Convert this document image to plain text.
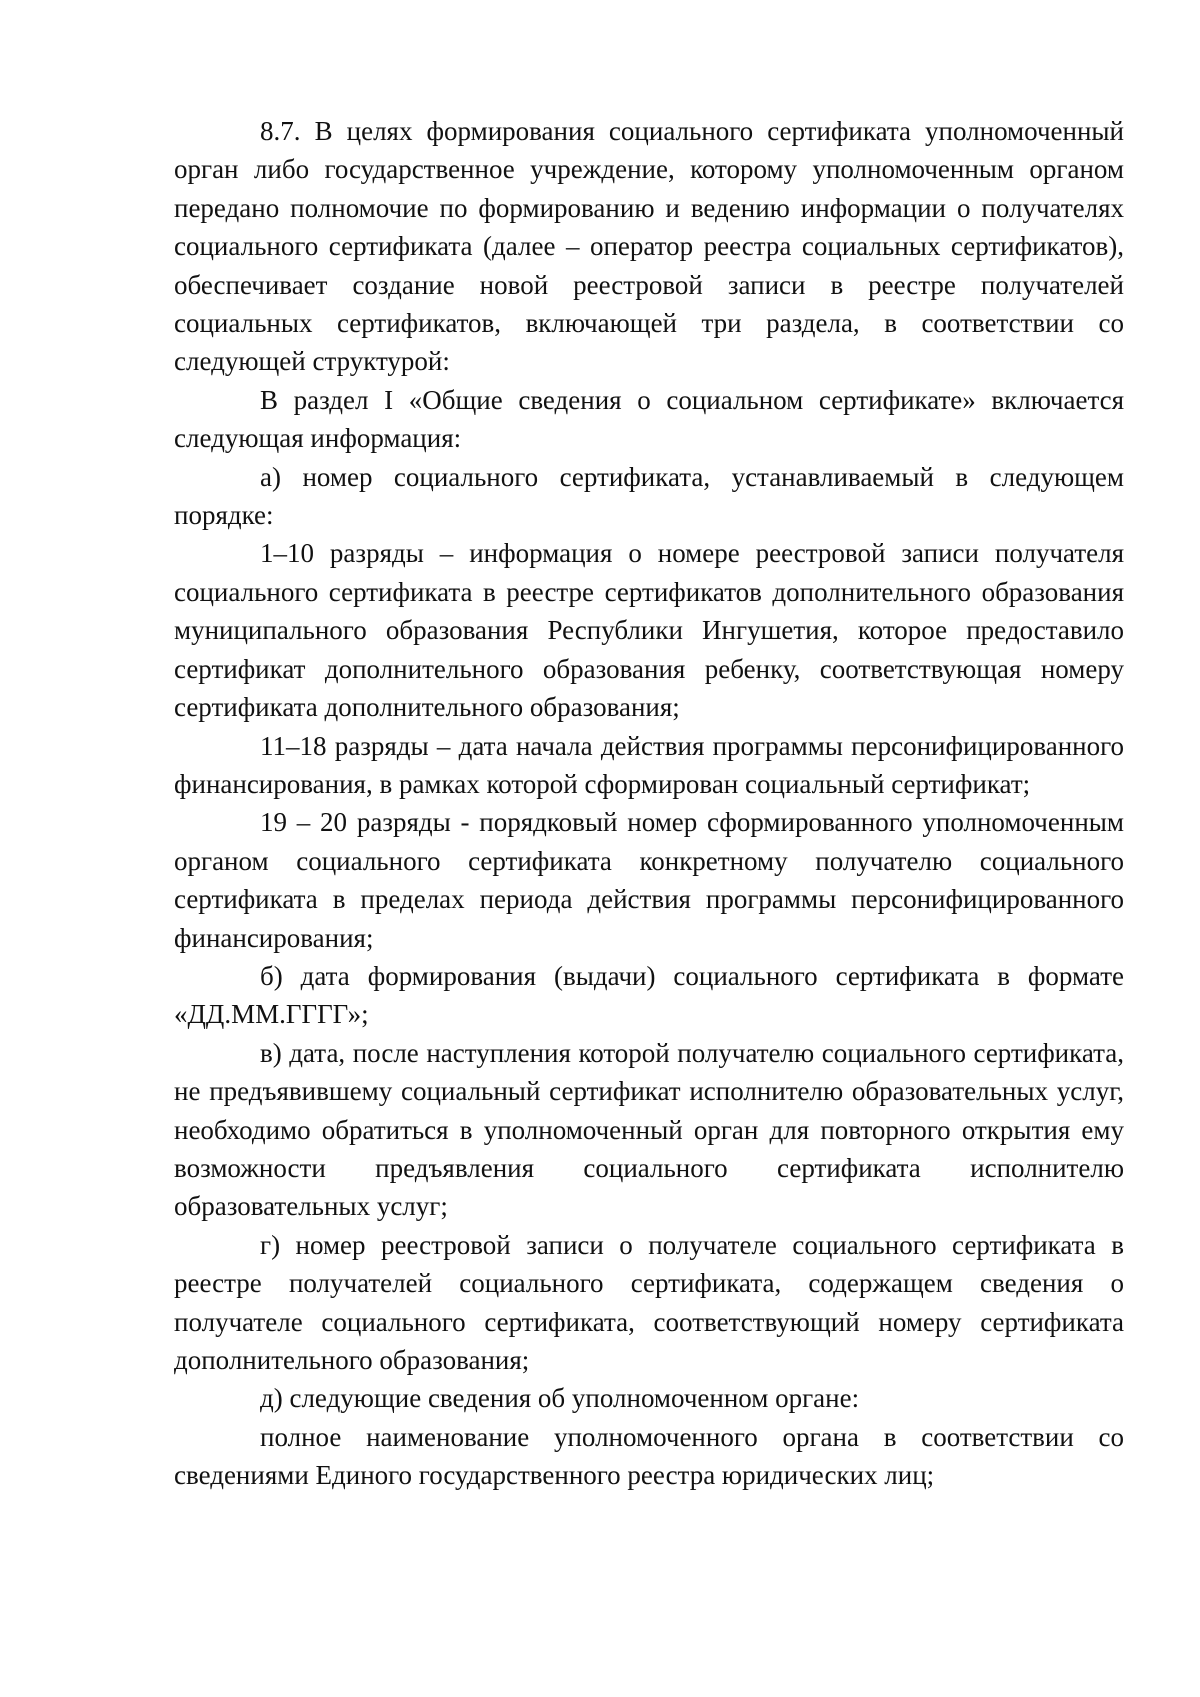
8.7. В целях формирования социального сертификата уполномоченный орган либо государственное учреждение, которому уполномоченным органом передано полномочие по формированию и ведению информации о получателях социального сертификата (далее – оператор реестра социальных сертификатов), обеспечивает создание новой реестровой записи в реестре получателей социальных сертификатов, включающей три раздела, в соответствии со следующей структурой:

В раздел I «Общие сведения о социальном сертификате» включается следующая информация:

а) номер социального сертификата, устанавливаемый в следующем порядке:

1–10 разряды – информация о номере реестровой записи получателя социального сертификата в реестре сертификатов дополнительного образования муниципального образования Республики Ингушетия, которое предоставило сертификат дополнительного образования ребенку, соответствующая номеру сертификата дополнительного образования;

11–18 разряды – дата начала действия программы персонифицированного финансирования, в рамках которой сформирован социальный сертификат;

19 – 20 разряды - порядковый номер сформированного уполномоченным органом социального сертификата конкретному получателю социального сертификата в пределах периода действия программы персонифицированного финансирования;

б) дата формирования (выдачи) социального сертификата в формате «ДД.ММ.ГГГГ»;

в) дата, после наступления которой получателю социального сертификата, не предъявившему социальный сертификат исполнителю образовательных услуг, необходимо обратиться в уполномоченный орган для повторного открытия ему возможности предъявления социального сертификата исполнителю образовательных услуг;

г) номер реестровой записи о получателе социального сертификата в реестре получателей социального сертификата, содержащем сведения о получателе социального сертификата, соответствующий номеру сертификата дополнительного образования;

д) следующие сведения об уполномоченном органе:

полное наименование уполномоченного органа в соответствии со сведениями Единого государственного реестра юридических лиц;
